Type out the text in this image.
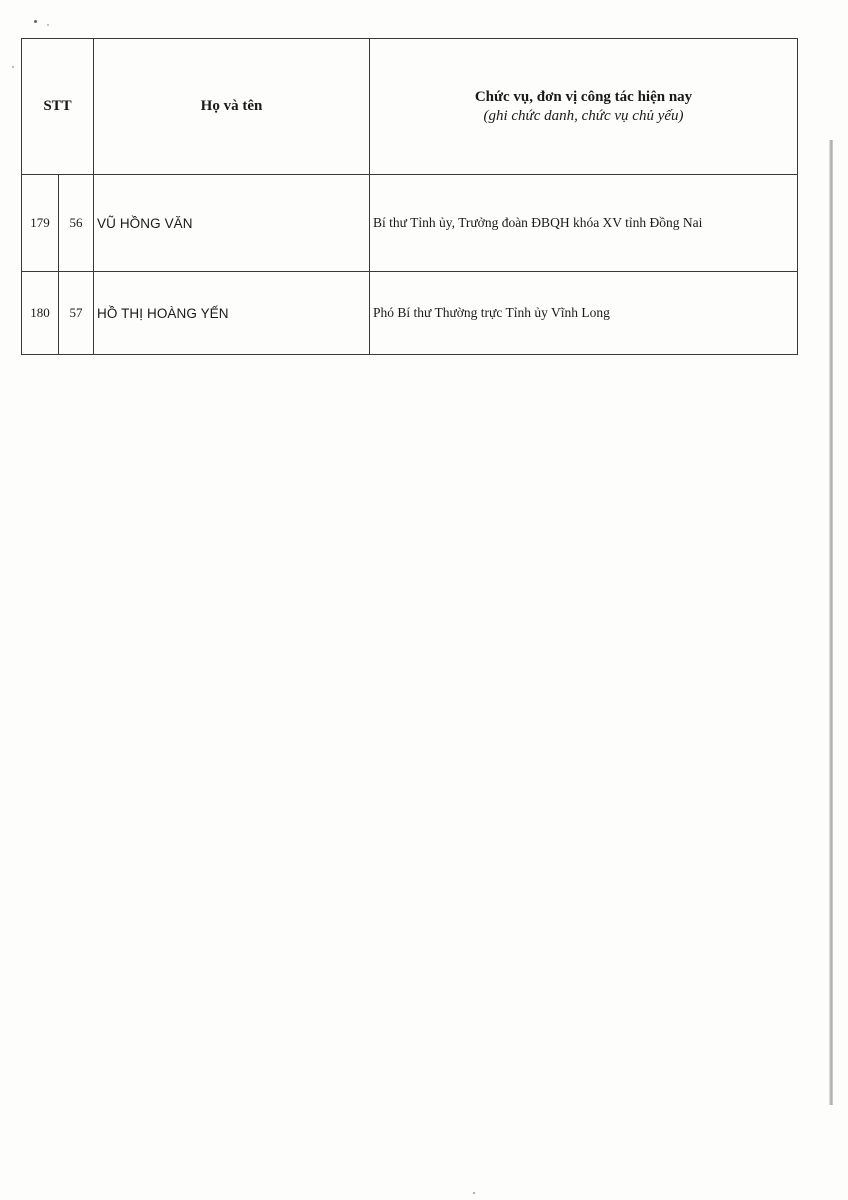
STT		Họ và tên	Chức vụ, đơn vị công tác hiện nay
(ghi chức danh, chức vụ chủ yếu)

179	56	VŨ HỒNG VĂN	Bí thư Tỉnh ủy, Trưởng đoàn ĐBQH khóa XV tỉnh Đồng Nai
180	57	HỒ THỊ HOÀNG YẾN	Phó Bí thư Thường trực Tỉnh ủy Vĩnh Long
